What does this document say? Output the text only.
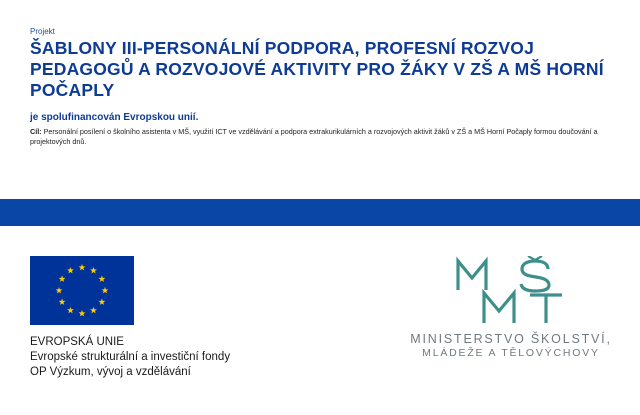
Projekt
ŠABLONY III-PERSONÁLNÍ PODPORA, PROFESNÍ ROZVOJ PEDAGOGŮ A ROZVOJOVÉ AKTIVITY PRO ŽÁKY V ZŠ A MŠ HORNÍ POČAPLY
je spolufinancován Evropskou unií.

Cíl: Personální posílení o školního asistenta v MŠ, využití ICT ve vzdělávání a podpora extrakurikulárních a rozvojových aktivit žáků v ZŠ a MŠ Horní Počaply formou doučování a projektových dnů.

EVROPSKÁ UNIE
Evropské strukturální a investiční fondy
OP Výzkum, vývoj a vzdělávání
MINISTERSTVO ŠKOLSTVÍ,
MLÁDEŽE A TĚLOVÝCHOVY
